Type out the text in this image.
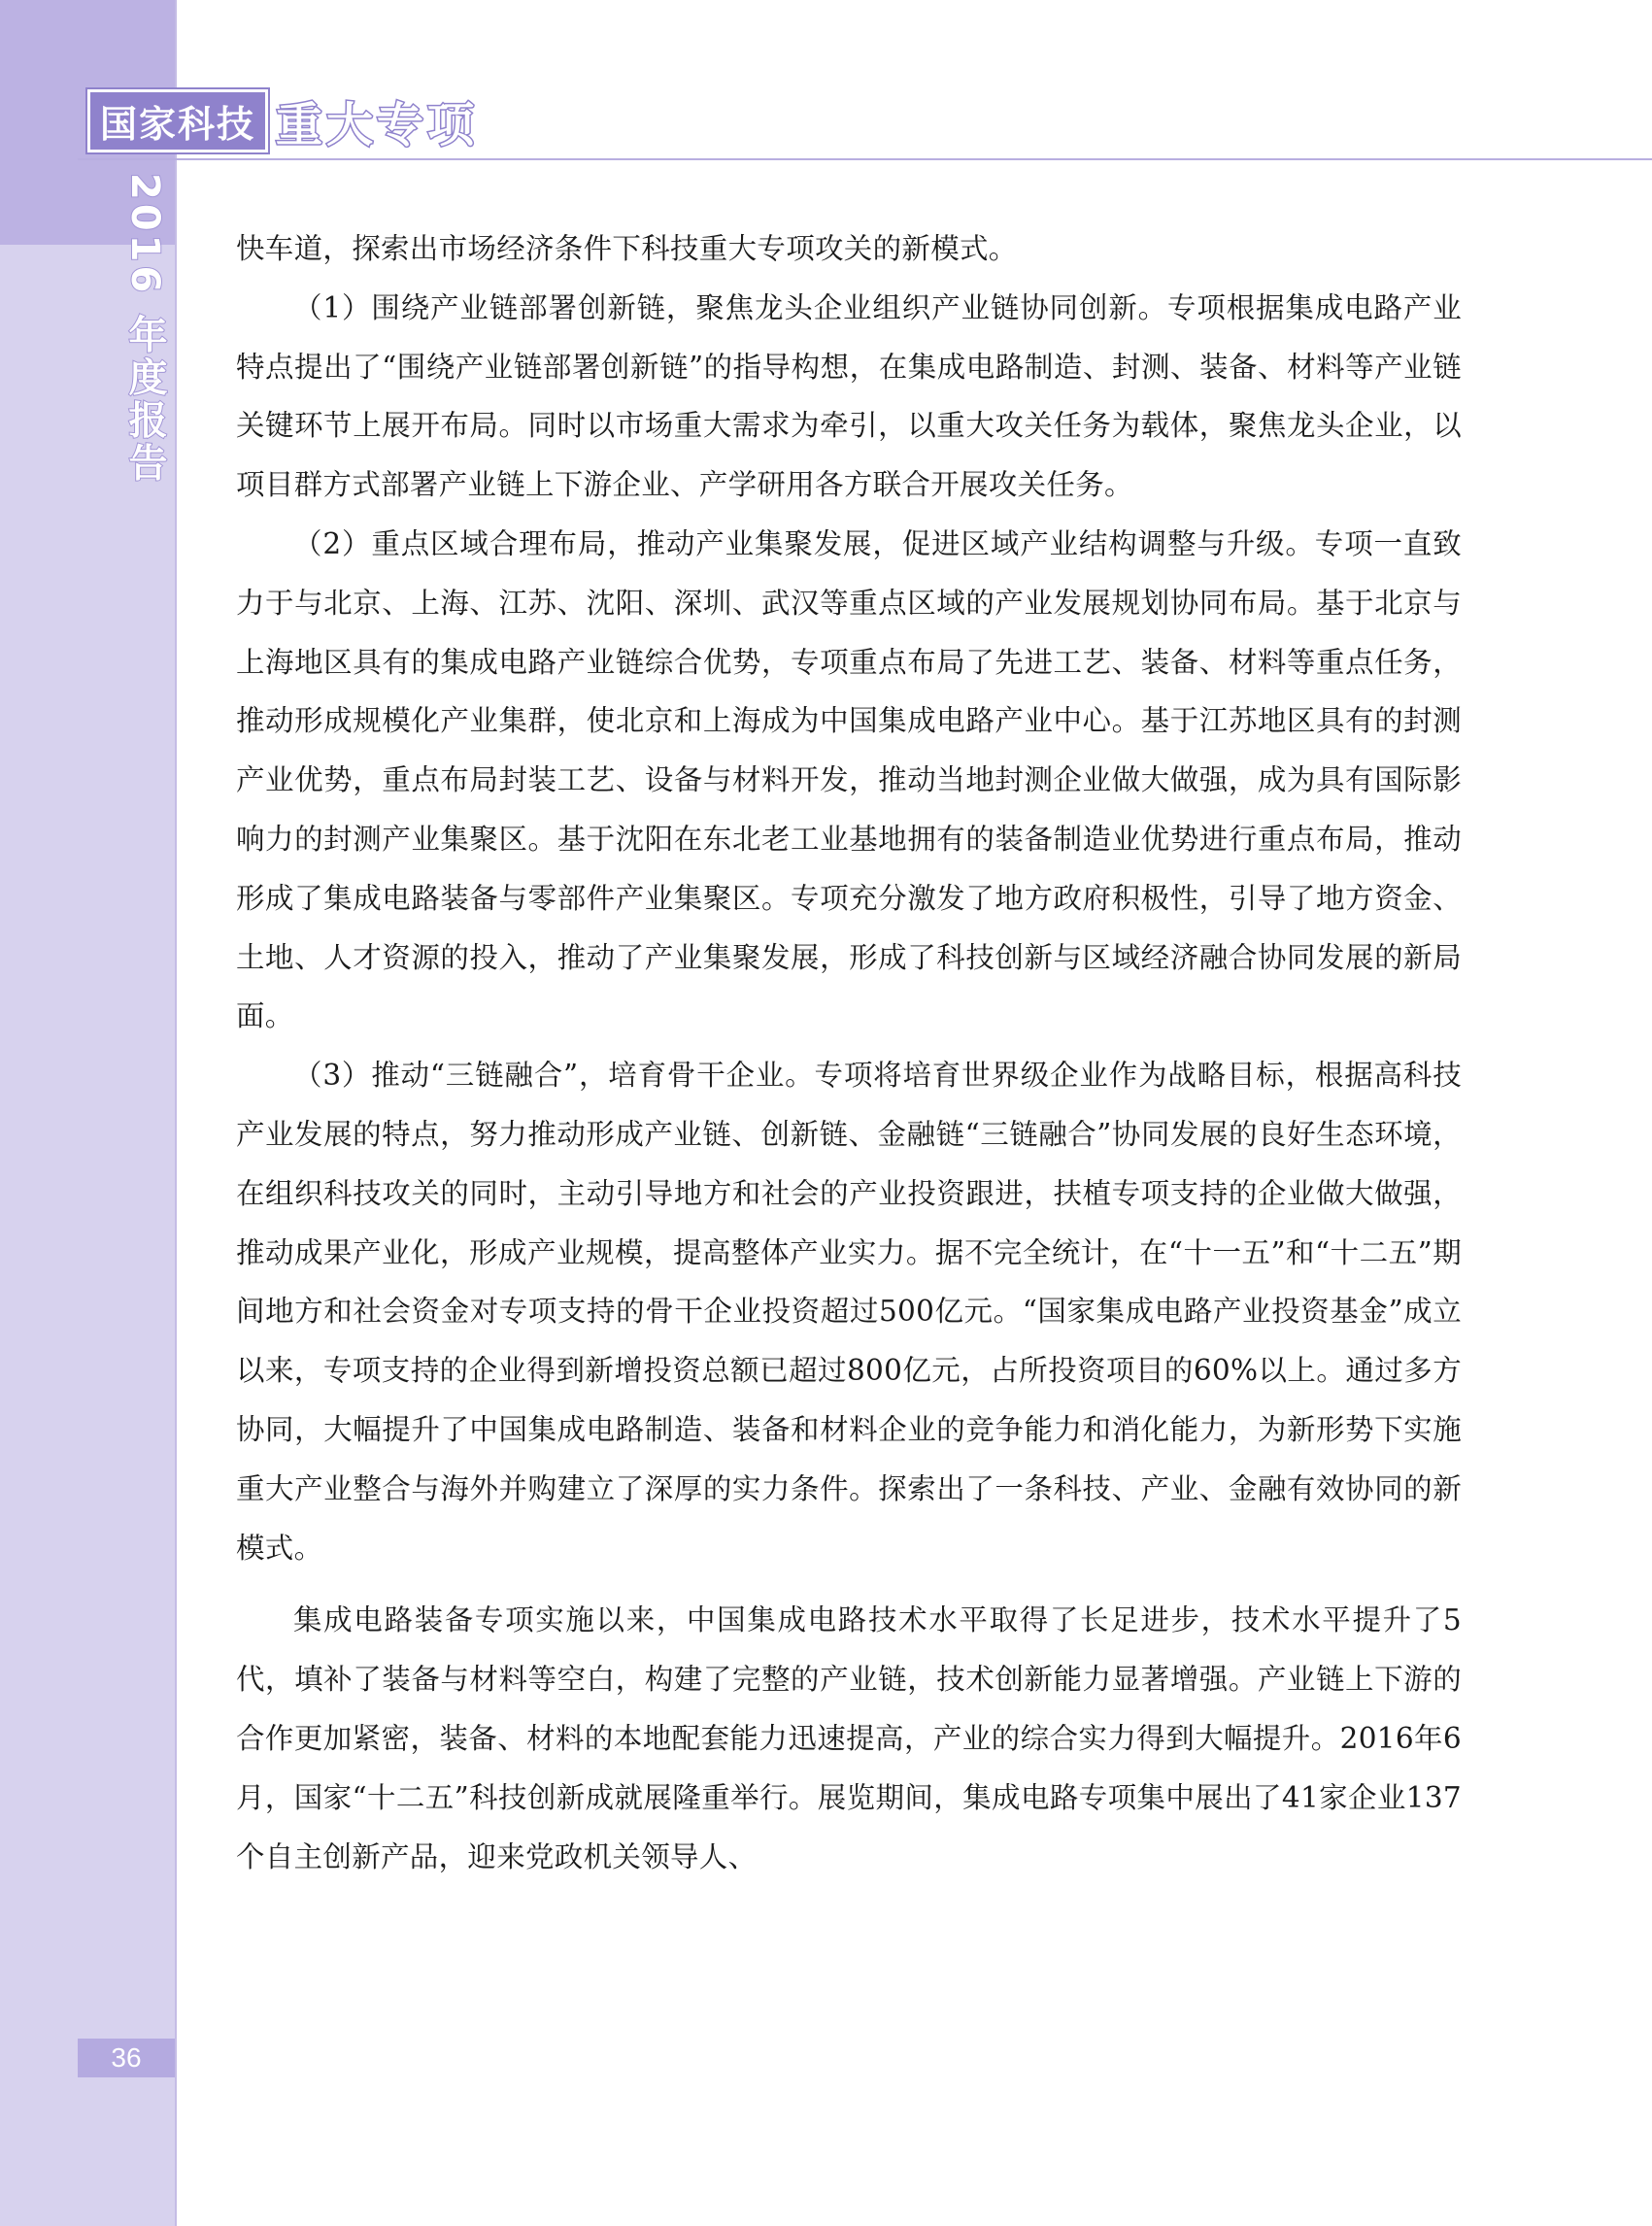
国家科技 重大专项
2016 年度报告 快车道，探索出市场经济条件下科技重大专项攻关的新模式。

（1）围绕产业链部署创新链，聚焦龙头企业组织产业链协同创新。专项根据集成电路产业特点提出了“围绕产业链部署创新链”的指导构想，在集成电路制造、封测、装备、材料等产业链关键环节上展开布局。同时以市场重大需求为牵引，以重大攻关任务为载体，聚焦龙头企业，以项目群方式部署产业链上下游企业、产学研用各方联合开展攻关任务。

（2）重点区域合理布局，推动产业集聚发展，促进区域产业结构调整与升级。专项一直致力于与北京、上海、江苏、沈阳、深圳、武汉等重点区域的产业发展规划协同布局。基于北京与上海地区具有的集成电路产业链综合优势，专项重点布局了先进工艺、装备、材料等重点任务，推动形成规模化产业集群，使北京和上海成为中国集成电路产业中心。基于江苏地区具有的封测产业优势，重点布局封装工艺、设备与材料开发，推动当地封测企业做大做强，成为具有国际影响力的封测产业集聚区。基于沈阳在东北老工业基地拥有的装备制造业优势进行重点布局，推动形成了集成电路装备与零部件产业集聚区。专项充分激发了地方政府积极性，引导了地方资金、土地、人才资源的投入，推动了产业集聚发展，形成了科技创新与区域经济融合协同发展的新局面。

（3）推动“三链融合”，培育骨干企业。专项将培育世界级企业作为战略目标，根据高科技产业发展的特点，努力推动形成产业链、创新链、金融链“三链融合”协同发展的良好生态环境，在组织科技攻关的同时，主动引导地方和社会的产业投资跟进，扶植专项支持的企业做大做强，推动成果产业化，形成产业规模，提高整体产业实力。据不完全统计，在“十一五”和“十二五”期间地方和社会资金对专项支持的骨干企业投资超过500亿元。“国家集成电路产业投资基金”成立以来，专项支持的企业得到新增投资总额已超过800亿元，占所投资项目的60%以上。通过多方协同，大幅提升了中国集成电路制造、装备和材料企业的竞争能力和消化能力，为新形势下实施重大产业整合与海外并购建立了深厚的实力条件。探索出了一条科技、产业、金融有效协同的新模式。

集成电路装备专项实施以来，中国集成电路技术水平取得了长足进步，技术水平提升了5代，填补了装备与材料等空白，构建了完整的产业链，技术创新能力显著增强。产业链上下游的合作更加紧密，装备、材料的本地配套能力迅速提高，产业的综合实力得到大幅提升。2016年6月，国家“十二五”科技创新成就展隆重举行。展览期间，集成电路专项集中展出了41家企业137个自主创新产品，迎来党政机关领导人、

36
